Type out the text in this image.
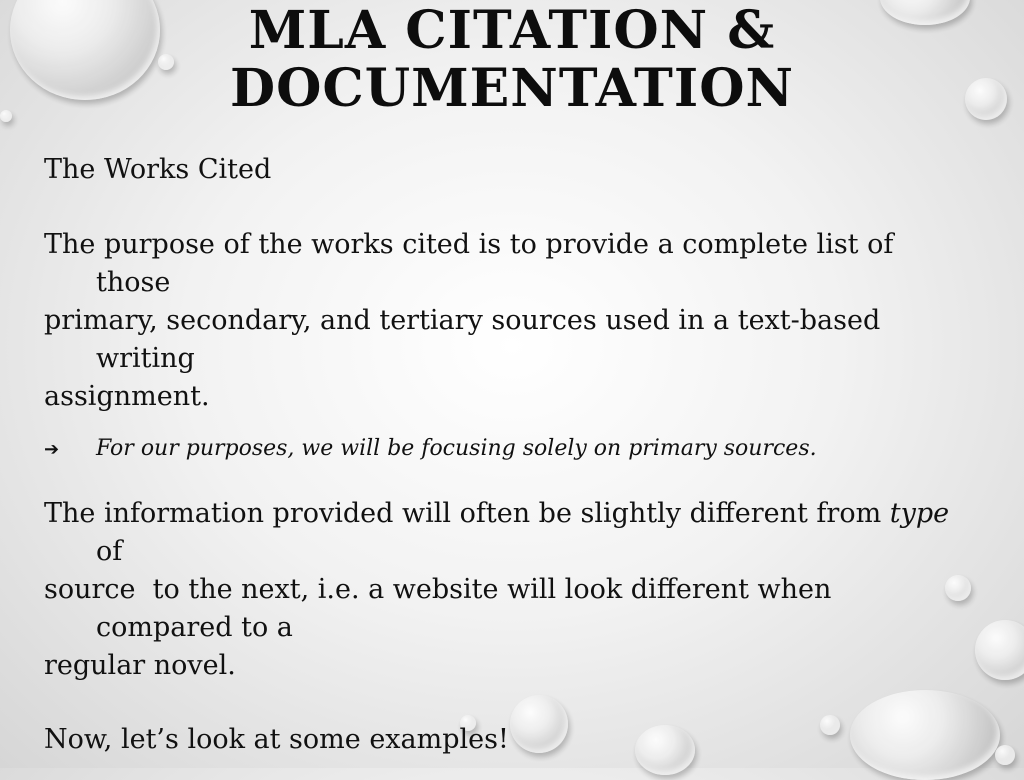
MLA CITATION &
DOCUMENTATION

The Works Cited

The purpose of the works cited is to provide a complete list of
those
primary, secondary, and tertiary sources used in a text-based
writing
assignment.
➔	For our purposes, we will be focusing solely on primary sources.
The information provided will often be slightly different from type
of
source  to the next, i.e. a website will look different when
compared to a
regular novel.

Now, let’s look at some examples!
